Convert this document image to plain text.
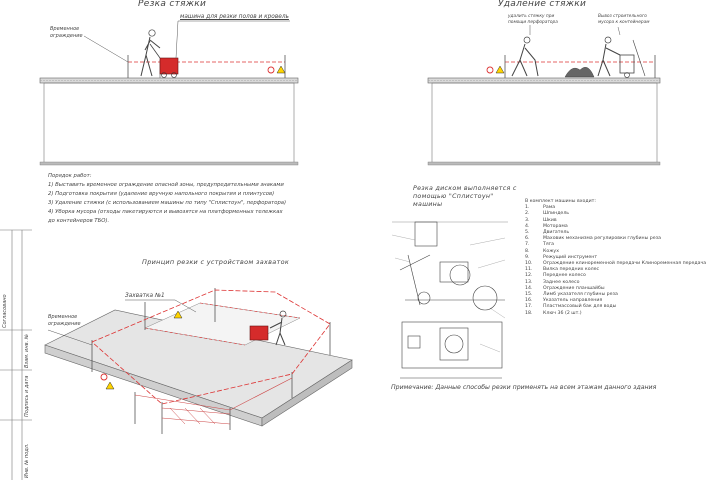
Резка стяжки	Удаление стяжки
Принцип резки с устройством захваток
Резка диском выполняется с помощью "Сплистоун" машины
машина для резки полов и кровель
Временное ограждение
Временное ограждение
Захватка №1
удалить стяжку при помощи перфоратора
Вывоз строительного мусора к контейнерам
Порядок работ:
1) Выставить временное ограждение опасной зоны, предупредительными знаками
2) Подготовка покрытия (удаление вручную напольного покрытия и плинтусов)
3) Удаление стяжки (с использованием машины по типу "Сплистоун", перфоратора)
4) Уборка мусора (отходы пакетируются и вывозятся на платформенных тележках
до контейнеров ТБО).
В комплект машины входит:
1.	Рама
2.	Шпиндель
3.	Шкив
4.	Моторама
5.	Двигатель
6.	Маховик механизма регулировки глубины реза
7.	Тяга
8.	Кожух
9.	Режущий инструмент
10. Ограждение клиноременной передачи Клиноременная передача
11. Вилка передних колес
12. Переднее колесо
13. Заднее колесо
14. Ограждение планшайбы
15. Лимб указателя глубины реза
16. Указатель направления
17. Пластмассовый бак для воды
18. Ключ 36 (2 шт.)
Примечание: Данные способы резки применять на всем этажам данного здания
Согласовано
Взам. инв. №
Подпись и дата
Инв. № подл.
